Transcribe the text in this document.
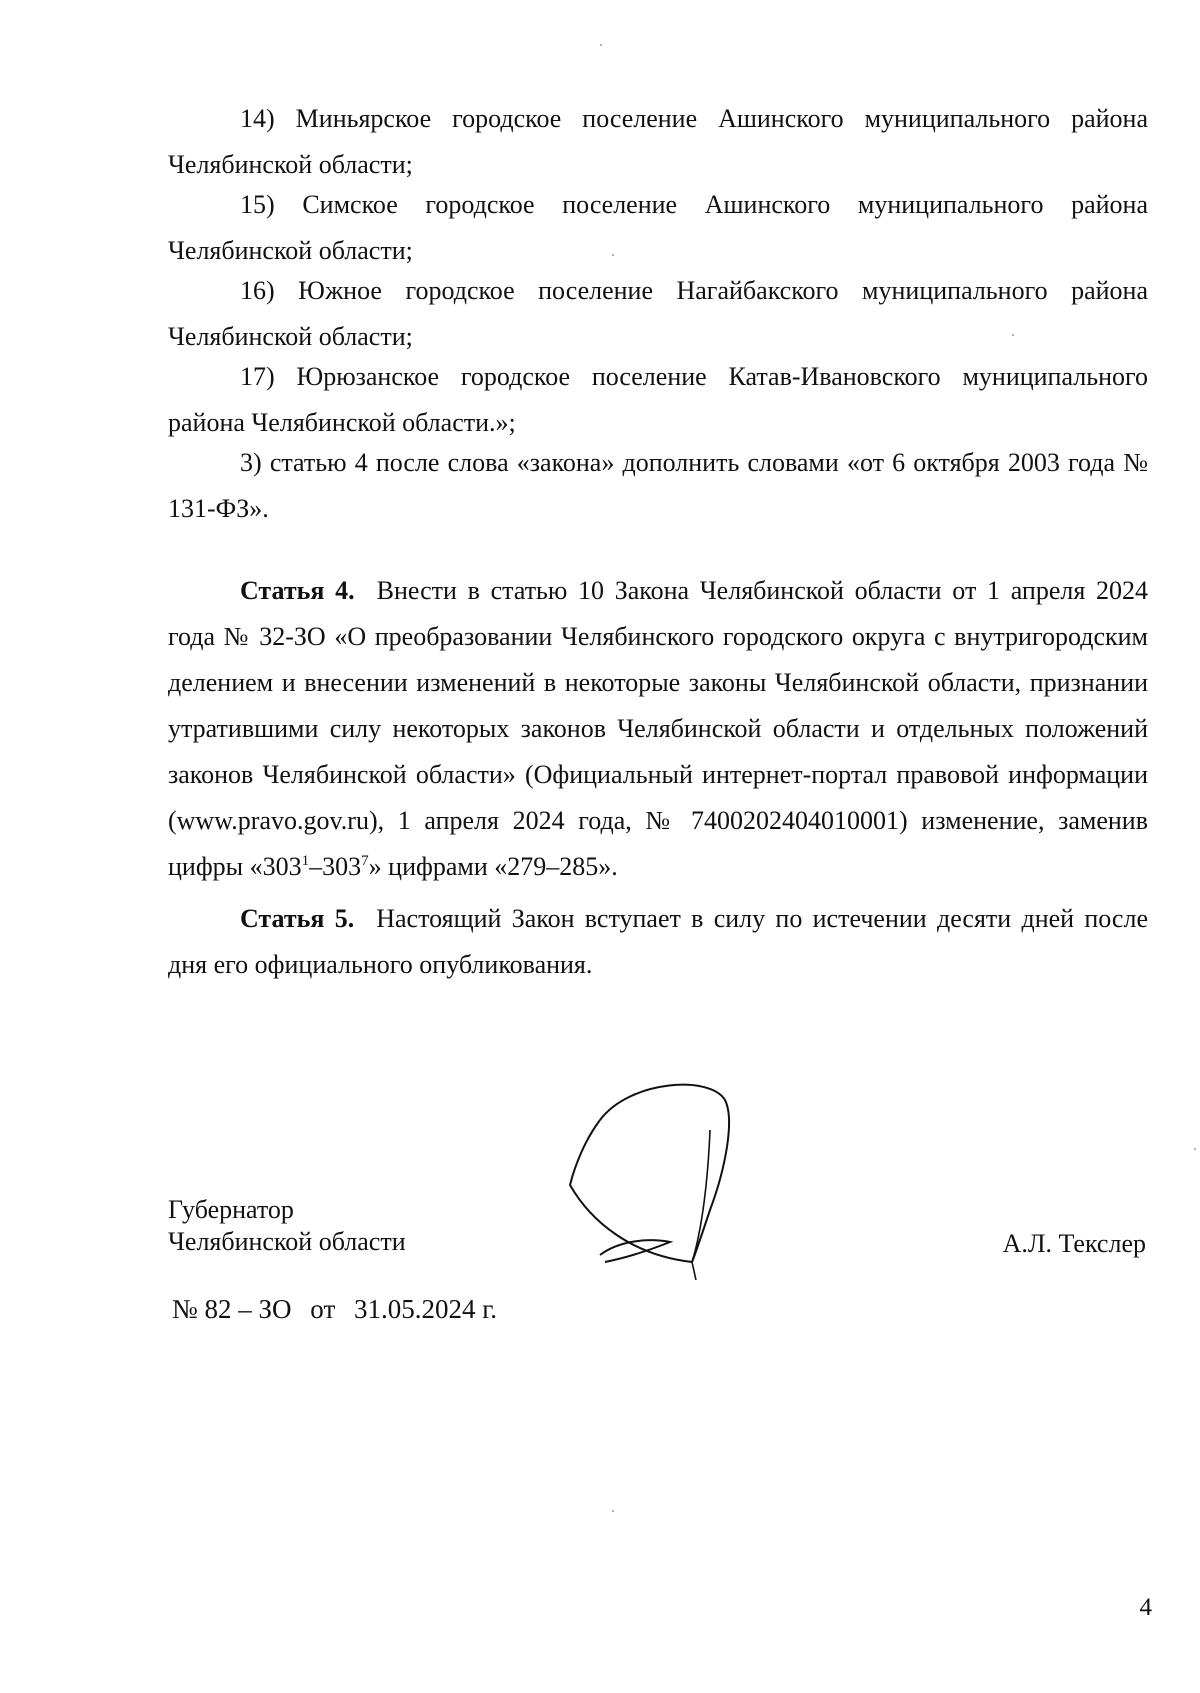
14) Миньярское городское поселение Ашинского муниципального района Челябинской области;

15) Симское городское поселение Ашинского муниципального района Челябинской области;

16) Южное городское поселение Нагайбакского муниципального района Челябинской области;

17) Юрюзанское городское поселение Катав-Ивановского муниципального района Челябинской области.»;

3) статью 4 после слова «закона» дополнить словами «от 6 октября 2003 года № 131-ФЗ».

Статья 4. Внести в статью 10 Закона Челябинской области от 1 апреля 2024 года № 32-ЗО «О преобразовании Челябинского городского округа с внутригородским делением и внесении изменений в некоторые законы Челябинской области, признании утратившими силу некоторых законов Челябинской области и отдельных положений законов Челябинской области» (Официальный интернет-портал правовой информации (www.pravo.gov.ru), 1 апреля 2024 года, № 7400202404010001) изменение, заменив цифры «$303^1-303^7$» цифрами «279–285».

Статья 5. Настоящий Закон вступает в силу по истечении десяти дней после дня его официального опубликования.

Губернатор
Челябинской области	А.Л. Текслер
№ 82 – ЗО от 31.05.2024 г.
4
